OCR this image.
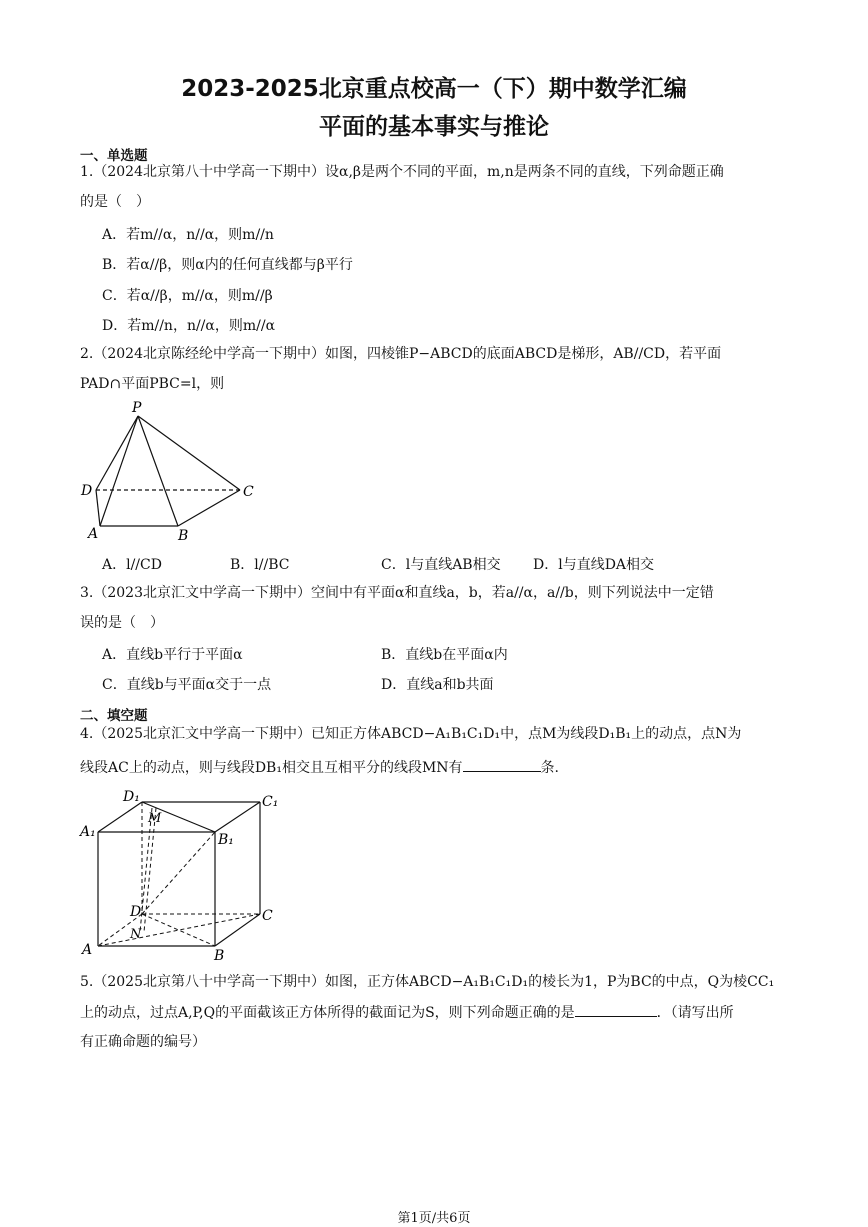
2023-2025北京重点校高一（下）期中数学汇编
平面的基本事实与推论
一、单选题
1.（2024北京第八十中学高一下期中）设α,β是两个不同的平面，m,n是两条不同的直线，下列命题正确
的是（　）
A．若m//α，n//α，则m//n
B．若α//β，则α内的任何直线都与β平行
C．若α//β，m//α，则m//β
D．若m//n，n//α，则m//α
2.（2024北京陈经纶中学高一下期中）如图，四棱锥P−ABCD的底面ABCD是梯形，AB//CD，若平面
PAD∩平面PBC=l，则
P
D	C
A	B
A．l//CD	B．l//BC	C．l与直线AB相交 D．l与直线DA相交
3.（2023北京汇文中学高一下期中）空间中有平面α和直线a，b，若a//α，a//b，则下列说法中一定错
误的是（　）
A．直线b平行于平面α	B．直线b在平面α内
C．直线b与平面α交于一点	D．直线a和b共面
二、填空题
4.（2025北京汇文中学高一下期中）已知正方体ABCD−A₁B₁C₁D₁中，点M为线段D₁B₁上的动点，点N为
线段AC上的动点，则与线段DB₁相交且互相平分的线段MN有	条.
D₁	C₁
A₁	B₁
M
D	C
N
A	B
5.（2025北京第八十中学高一下期中）如图，正方体ABCD−A₁B₁C₁D₁的棱长为1，P为BC的中点，Q为棱CC₁
上的动点，过点A,P,Q的平面截该正方体所得的截面记为S，则下列命题正确的是	．（请写出所
有正确命题的编号）
第1页/共6页
